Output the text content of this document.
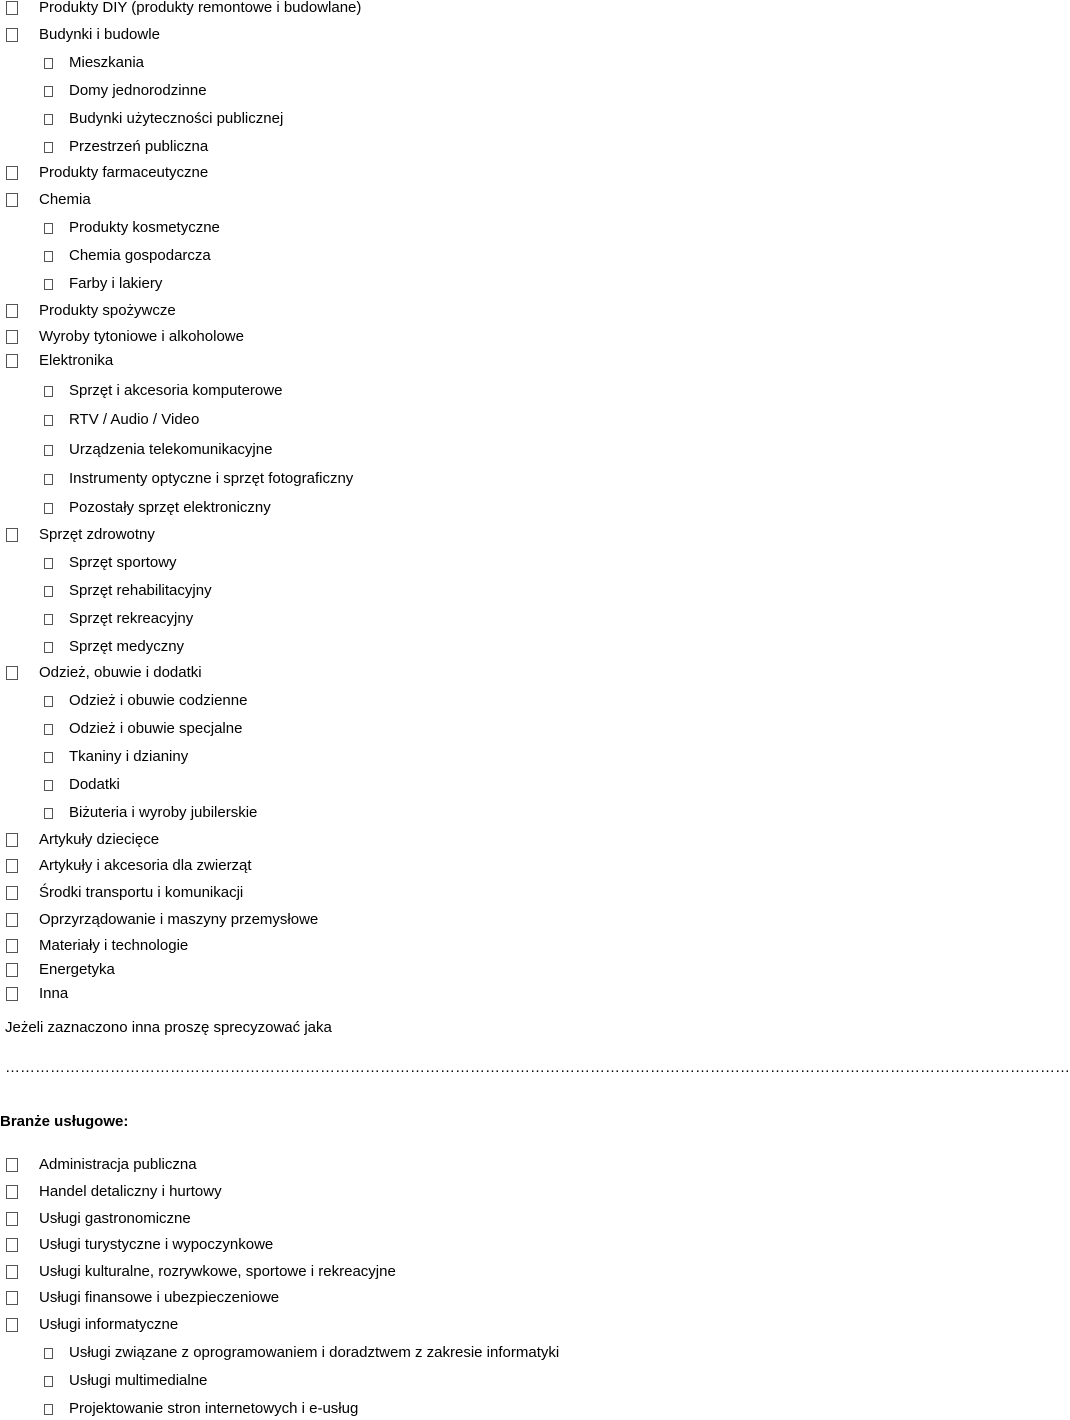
Produkty DIY (produkty remontowe i budowlane)
Budynki i budowle
Mieszkania
Domy jednorodzinne
Budynki użyteczności publicznej
Przestrzeń publiczna
Produkty farmaceutyczne
Chemia
Produkty kosmetyczne
Chemia gospodarcza
Farby i lakiery
Produkty spożywcze
Wyroby tytoniowe i alkoholowe
Elektronika
Sprzęt i akcesoria komputerowe
RTV / Audio / Video
Urządzenia telekomunikacyjne
Instrumenty optyczne i sprzęt fotograficzny
Pozostały sprzęt elektroniczny
Sprzęt zdrowotny
Sprzęt sportowy
Sprzęt rehabilitacyjny
Sprzęt rekreacyjny
Sprzęt medyczny
Odzież, obuwie i dodatki
Odzież i obuwie codzienne
Odzież i obuwie specjalne
Tkaniny i dzianiny
Dodatki
Biżuteria i wyroby jubilerskie
Artykuły dziecięce
Artykuły i akcesoria dla zwierząt
Środki transportu i komunikacji
Oprzyrządowanie i maszyny przemysłowe
Materiały i technologie
Energetyka
Inna
Jeżeli zaznaczono inna proszę sprecyzować jaka
……………………………………………………………………………………………………………………………………………………………………………………………
Branże usługowe:
Administracja publiczna
Handel detaliczny i hurtowy
Usługi gastronomiczne
Usługi turystyczne i wypoczynkowe
Usługi kulturalne, rozrywkowe, sportowe i rekreacyjne
Usługi finansowe i ubezpieczeniowe
Usługi informatyczne
Usługi związane z oprogramowaniem i doradztwem z zakresie informatyki
Usługi multimedialne
Projektowanie stron internetowych i e-usług
